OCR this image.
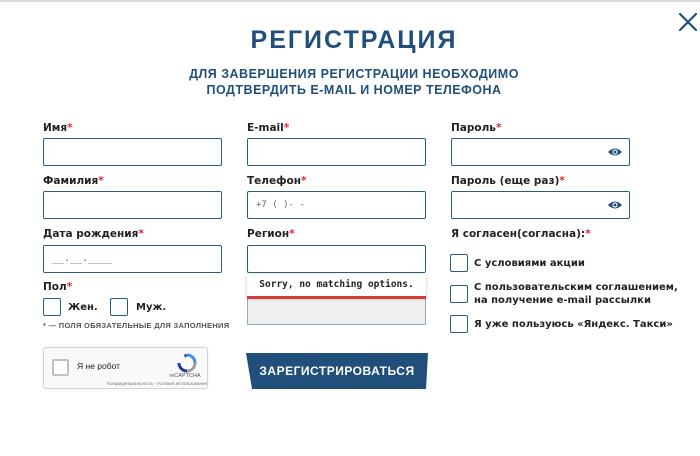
РЕГИСТРАЦИЯ
ДЛЯ ЗАВЕРШЕНИЯ РЕГИСТРАЦИИ НЕОБХОДИМО
ПОДТВЕРДИТЬ E-MAIL И НОМЕР ТЕЛЕФОНА
Имя*
Фамилия*
Дата рождения*
__.__.____
Пол*
Жен.	Муж.
* — ПОЛЯ ОБЯЗАТЕЛЬНЫЕ ДЛЯ ЗАПОЛНЕНИЯ
E-mail*
Телефон*
+7 ( )- -
Регион*
Sorry, no matching options.
Пароль*
Пароль (еще раз)*
Я согласен(согласна):*
С условиями акции
С пользовательским соглашением,
на получение e-mail рассылки
Я уже пользуюсь «Яндекс. Такси»
Я не робот
reCAPTCHA
Конфиденциальность - Условия использования
ЗАРЕГИСТРИРОВАТЬСЯ
